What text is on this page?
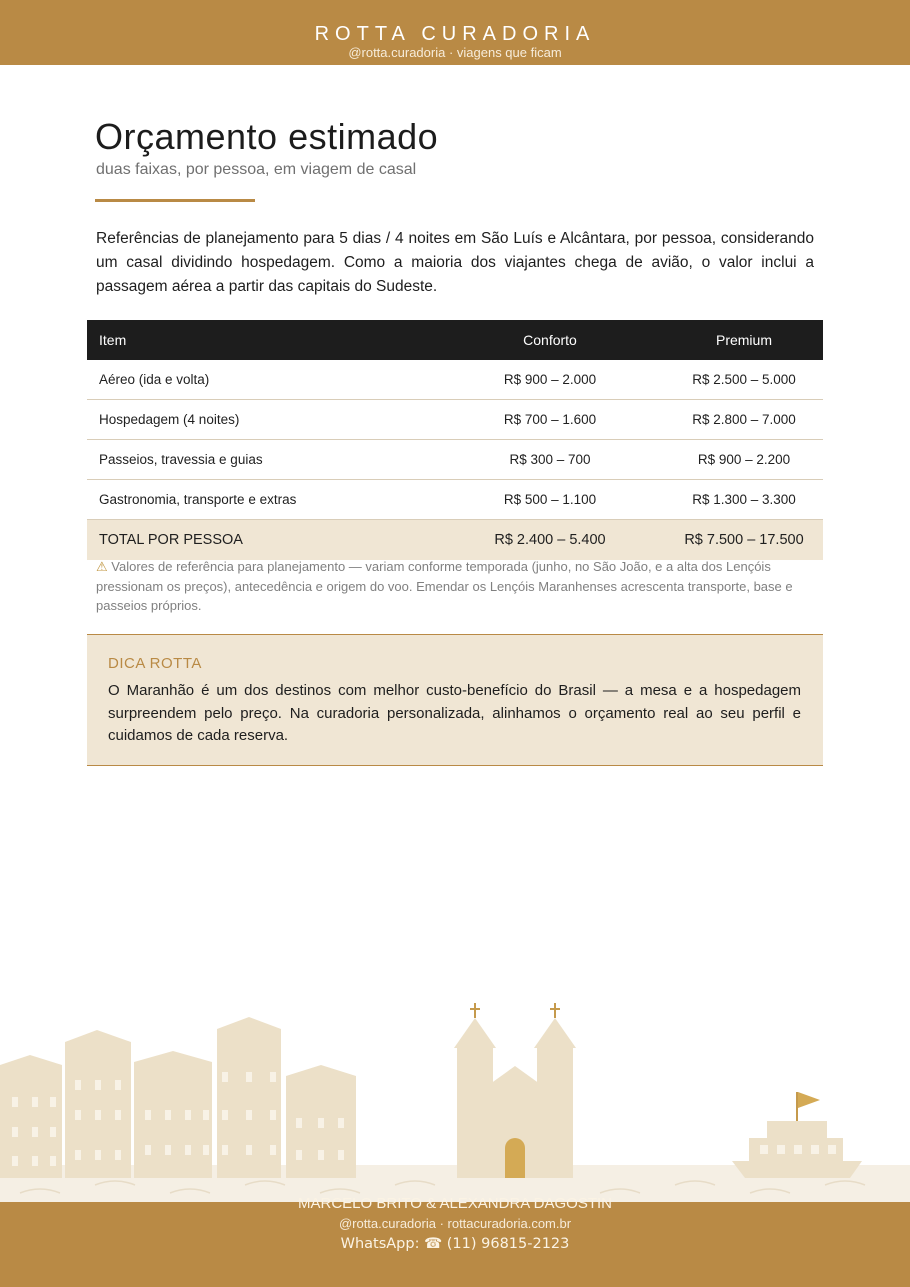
ROTTA CURADORIA
@rotta.curadoria · viagens que ficam
Orçamento estimado
duas faixas, por pessoa, em viagem de casal
Referências de planejamento para 5 dias / 4 noites em São Luís e Alcântara, por pessoa, considerando um casal dividindo hospedagem. Como a maioria dos viajantes chega de avião, o valor inclui a passagem aérea a partir das capitais do Sudeste.
Item	Conforto	Premium
Aéreo (ida e volta)	R$ 900 – 2.000	R$ 2.500 – 5.000
Hospedagem (4 noites)	R$ 700 – 1.600	R$ 2.800 – 7.000
Passeios, travessia e guias	R$ 300 – 700	R$ 900 – 2.200
Gastronomia, transporte e extras	R$ 500 – 1.100	R$ 1.300 – 3.300
TOTAL POR PESSOA	R$ 2.400 – 5.400	R$ 7.500 – 17.500
⚠ Valores de referência para planejamento — variam conforme temporada (junho, no São João, e a alta dos Lençóis pressionam os preços), antecedência e origem do voo. Emendar os Lençóis Maranhenses acrescenta transporte, base e passeios próprios.
DICA ROTTA
O Maranhão é um dos destinos com melhor custo-benefício do Brasil — a mesa e a hospedagem surpreendem pelo preço. Na curadoria personalizada, alinhamos o orçamento real ao seu perfil e cuidamos de cada reserva.
MARCELO BRITO & ALEXANDRA DAGOSTIN
@rotta.curadoria · rottacuradoria.com.br
WhatsApp: ☎ (11) 96815-2123
